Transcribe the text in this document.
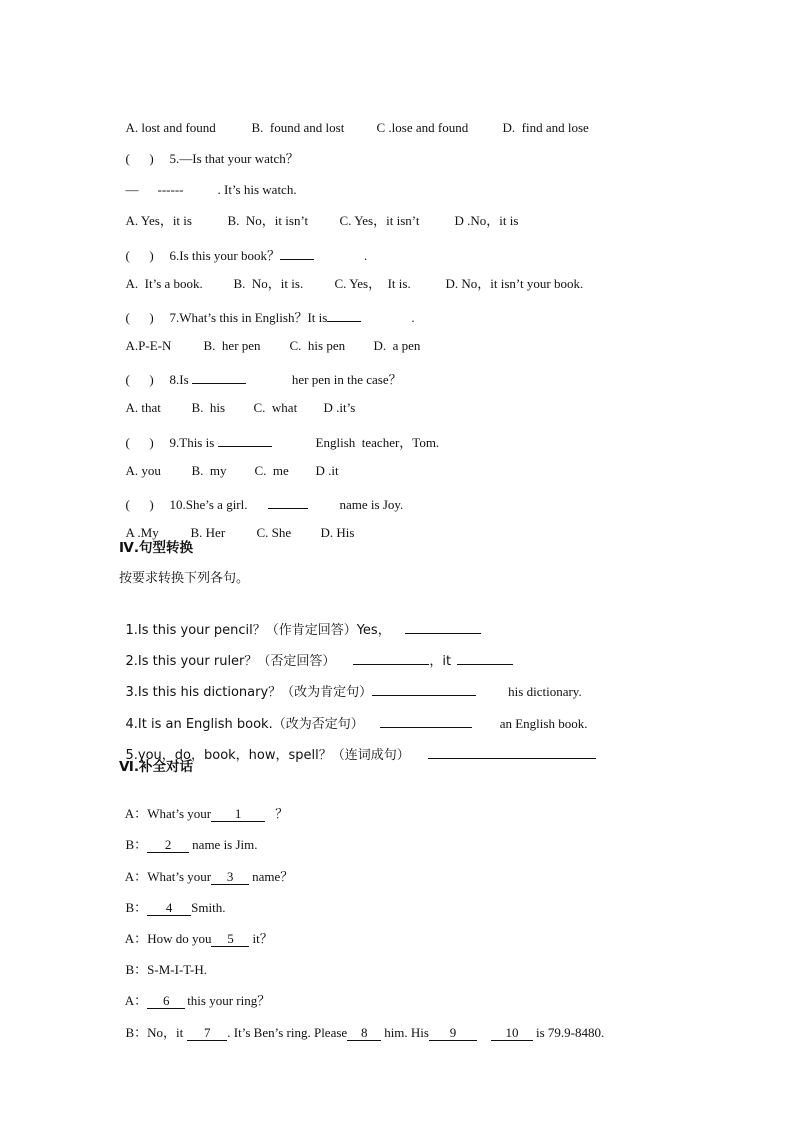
A. lost and found	B.  found and lost C .lose and found	D.  find and lose

(      ) 5.—Is that your watch？

— ------	. It’s his watch.

A. Yes，it is	B.  No，it isn’t C. Yes，it isn’t	D .No，it is

(      ) 6.Is this your book？	.

A.  It’s a book. B.  No，it is. C. Yes，  It is.	D. No，it isn’t your book.

(      ) 7.What’s this in English？It is	.

A.P-E-N B.  her pen C.  his pen D.  a pen

(      ) 8.Is	her pen in the case？

A. that B.  his C.  what D .it’s

(      ) 9.This is	English  teacher，Tom.

A. you B.  my C.  me D .it

(      ) 10.She’s a girl.	name is Joy.

A .My B. Her C. She D. His

Ⅳ.句型转换
按要求转换下列各句。

1.Is this your pencil？（作肯定回答）Yes，

2.Is this your ruler？（否定回答）	，it

3.Is this his dictionary？（改为肯定句）	his dictionary.

4.It is an English book.（改为否定句）	an English book.

5.you，do，book，how，spell？（连词成句）

Ⅵ.补全对话

A：What’s your 1	？

B： 2 name is Jim.

A：What’s your 3 name？

B： 4 Smith.

A：How do you 5 it？

B：S-M-I-T-H.

A： 6 this your ring？

B：No，it 7 . It’s Ben’s ring. Please 8 him. His 9	10 is 79.9-8480.
